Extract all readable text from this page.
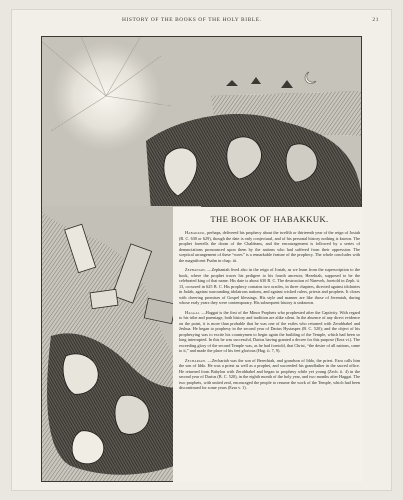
HISTORY OF THE BOOKS OF THE HOLY BIBLE.	21
THE BOOK OF HABAKKUK.

Habakkuk, perhaps, delivered his prophecy about the twelfth or thirteenth year of the reign of Josiah (B. C. 630 or 629), though the date is only conjectural, and of his personal history nothing is known. The prophet foretells the doom of the Chaldeans, and the encouragement is followed by a series of denunciations pronounced upon them by the nations who had suffered from their oppression. The sceptical arrangement of these “woes” is a remarkable feature of the prophecy. The whole concludes with the magnificent Psalm in chap. iii.

Zephaniah. —Zephaniah lived also in the reign of Josiah, as we learn from the superscription to the book, where the prophet traces his pedigree to his fourth ancestor, Hezekiah, supposed to be the celebrated king of that name. His date is about 630 B. C. The destruction of Nineveh, foretold in Zeph. ii. 13, occurred in 625 B. C. His prophecy contains two oracles, in three chapters, directed against idolatries in Judah, against surrounding idolatrous nations, and against wicked rulers, priests and prophets. It closes with cheering promises of Gospel blessings. His style and manner are like those of Jeremiah, during whose early years they were contemporary. His subsequent history is unknown.

Haggai. —Haggai is the first of the Minor Prophets who prophesied after the Captivity. With regard to his tribe and parentage, both history and tradition are alike silent. In the absence of any direct evidence on the point, it is more than probable that he was one of the exiles who returned with Zerubbabel and Jeshua. He began to prophesy in the second year of Darius Hystaspes (B. C. 520); and the object of his prophesying was to excite his countrymen to begin again the building of the Temple, which had been so long interrupted. In this he was successful, Darius having granted a decree for this purpose (Ezra vi.). The exceeding glory of the second Temple was, as he had foretold, that Christ, “the desire of all nations, came to it,” and made the place of his feet glorious (Hag. ii. 7, 9).

Zechariah. —Zechariah was the son of Berechiah, and grandson of Iddo, the priest. Ezra calls him the son of Iddo. He was a priest as well as a prophet, and succeeded his grandfather in the sacred office. He returned from Babylon with Zerubbabel and began to prophesy while yet young (Zech. ii. 4) in the second year of Darius (B. C. 520), in the eighth month of the holy year, and two months after Haggai. The two prophets, with united zeal, encouraged the people to resume the work of the Temple, which had been discontinued for some years (Ezra v. 1).
